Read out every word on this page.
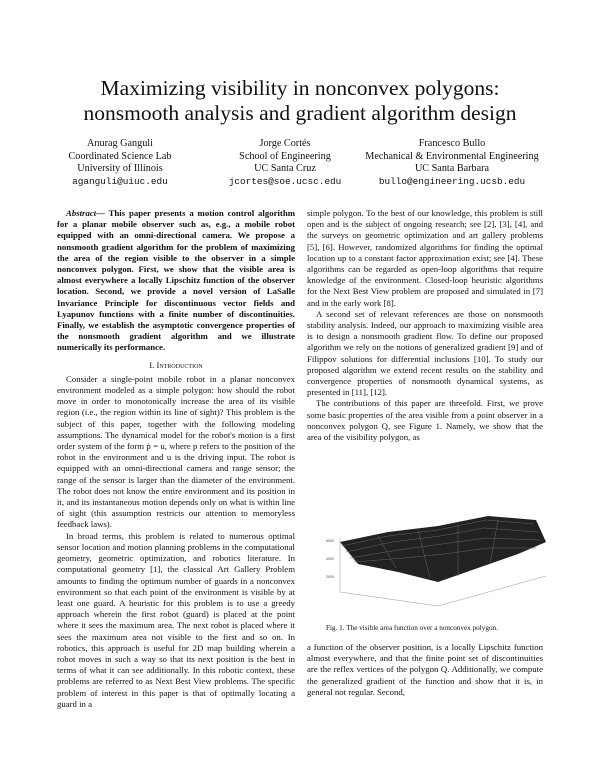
Maximizing visibility in nonconvex polygons:
nonsmooth analysis and gradient algorithm design
Anurag Ganguli
Coordinated Science Lab
University of Illinois
aganguli@uiuc.edu
Jorge Cortés
School of Engineering
UC Santa Cruz
jcortes@soe.ucsc.edu
Francesco Bullo
Mechanical & Environmental Engineering
UC Santa Barbara
bullo@engineering.ucsb.edu

Abstract— This paper presents a motion control algorithm for a planar mobile observer such as, e.g., a mobile robot equipped with an omni-directional camera. We propose a nonsmooth gradient algorithm for the problem of maximizing the area of the region visible to the observer in a simple nonconvex polygon. First, we show that the visible area is almost everywhere a locally Lipschitz function of the observer location. Second, we provide a novel version of LaSalle Invariance Principle for discontinuous vector fields and Lyapunov functions with a finite number of discontinuities. Finally, we establish the asymptotic convergence properties of the nonsmooth gradient algorithm and we illustrate numerically its performance.

I. Introduction

Consider a single-point mobile robot in a planar nonconvex environment modeled as a simple polygon: how should the robot move in order to monotonically increase the area of its visible region (i.e., the region within its line of sight)? This problem is the subject of this paper, together with the following modeling assumptions. The dynamical model for the robot's motion is a first order system of the form ṗ = u, where p refers to the position of the robot in the environment and u is the driving input. The robot is equipped with an omni-directional camera and range sensor; the range of the sensor is larger than the diameter of the environment. The robot does not know the entire environment and its position in it, and its instantaneous motion depends only on what is within line of sight (this assumption restricts our attention to memoryless feedback laws).

In broad terms, this problem is related to numerous optimal sensor location and motion planning problems in the computational geometry, geometric optimization, and robotics literature. In computational geometry [1], the classical Art Gallery Problem amounts to finding the optimum number of guards in a nonconvex environment so that each point of the environment is visible by at least one guard. A heuristic for this problem is to use a greedy approach wherein the first robot (guard) is placed at the point where it sees the maximum area. The next robot is placed where it sees the maximum area not visible to the first and so on. In robotics, this approach is useful for 2D map building wherein a robot moves in such a way so that its next position is the best in terms of what it can see additionally. In this robotic context, these problems are referred to as Next Best View problems. The specific problem of interest in this paper is that of optimally locating a guard in a

simple polygon. To the best of our knowledge, this problem is still open and is the subject of ongoing research; see [2], [3], [4], and the surveys on geometric optimization and art gallery problems [5], [6]. However, randomized algorithms for finding the optimal location up to a constant factor approximation exist; see [4]. These algorithms can be regarded as open-loop algorithms that require knowledge of the environment. Closed-loop heuristic algorithms for the Next Best View problem are proposed and simulated in [7] and in the early work [8].

A second set of relevant references are those on nonsmooth stability analysis. Indeed, our approach to maximizing visible area is to design a nonsmooth gradient flow. To define our proposed algorithm we rely on the notions of generalized gradient [9] and of Filippov solutions for differential inclusions [10]. To study our proposed algorithm we extend recent results on the stability and convergence properties of nonsmooth dynamical systems, as presented in [11], [12].

The contributions of this paper are threefold. First, we prove some basic properties of the area visible from a point observer in a nonconvex polygon Q, see Figure 1. Namely, we show that the area of the visibility polygon, as

6000
4000
2000
Fig. 1. The visible area function over a nonconvex polygon.

a function of the observer position, is a locally Lipschitz function almost everywhere, and that the finite point set of discontinuities are the reflex vertices of the polygon Q. Additionally, we compute the generalized gradient of the function and show that it is, in general not regular. Second,
